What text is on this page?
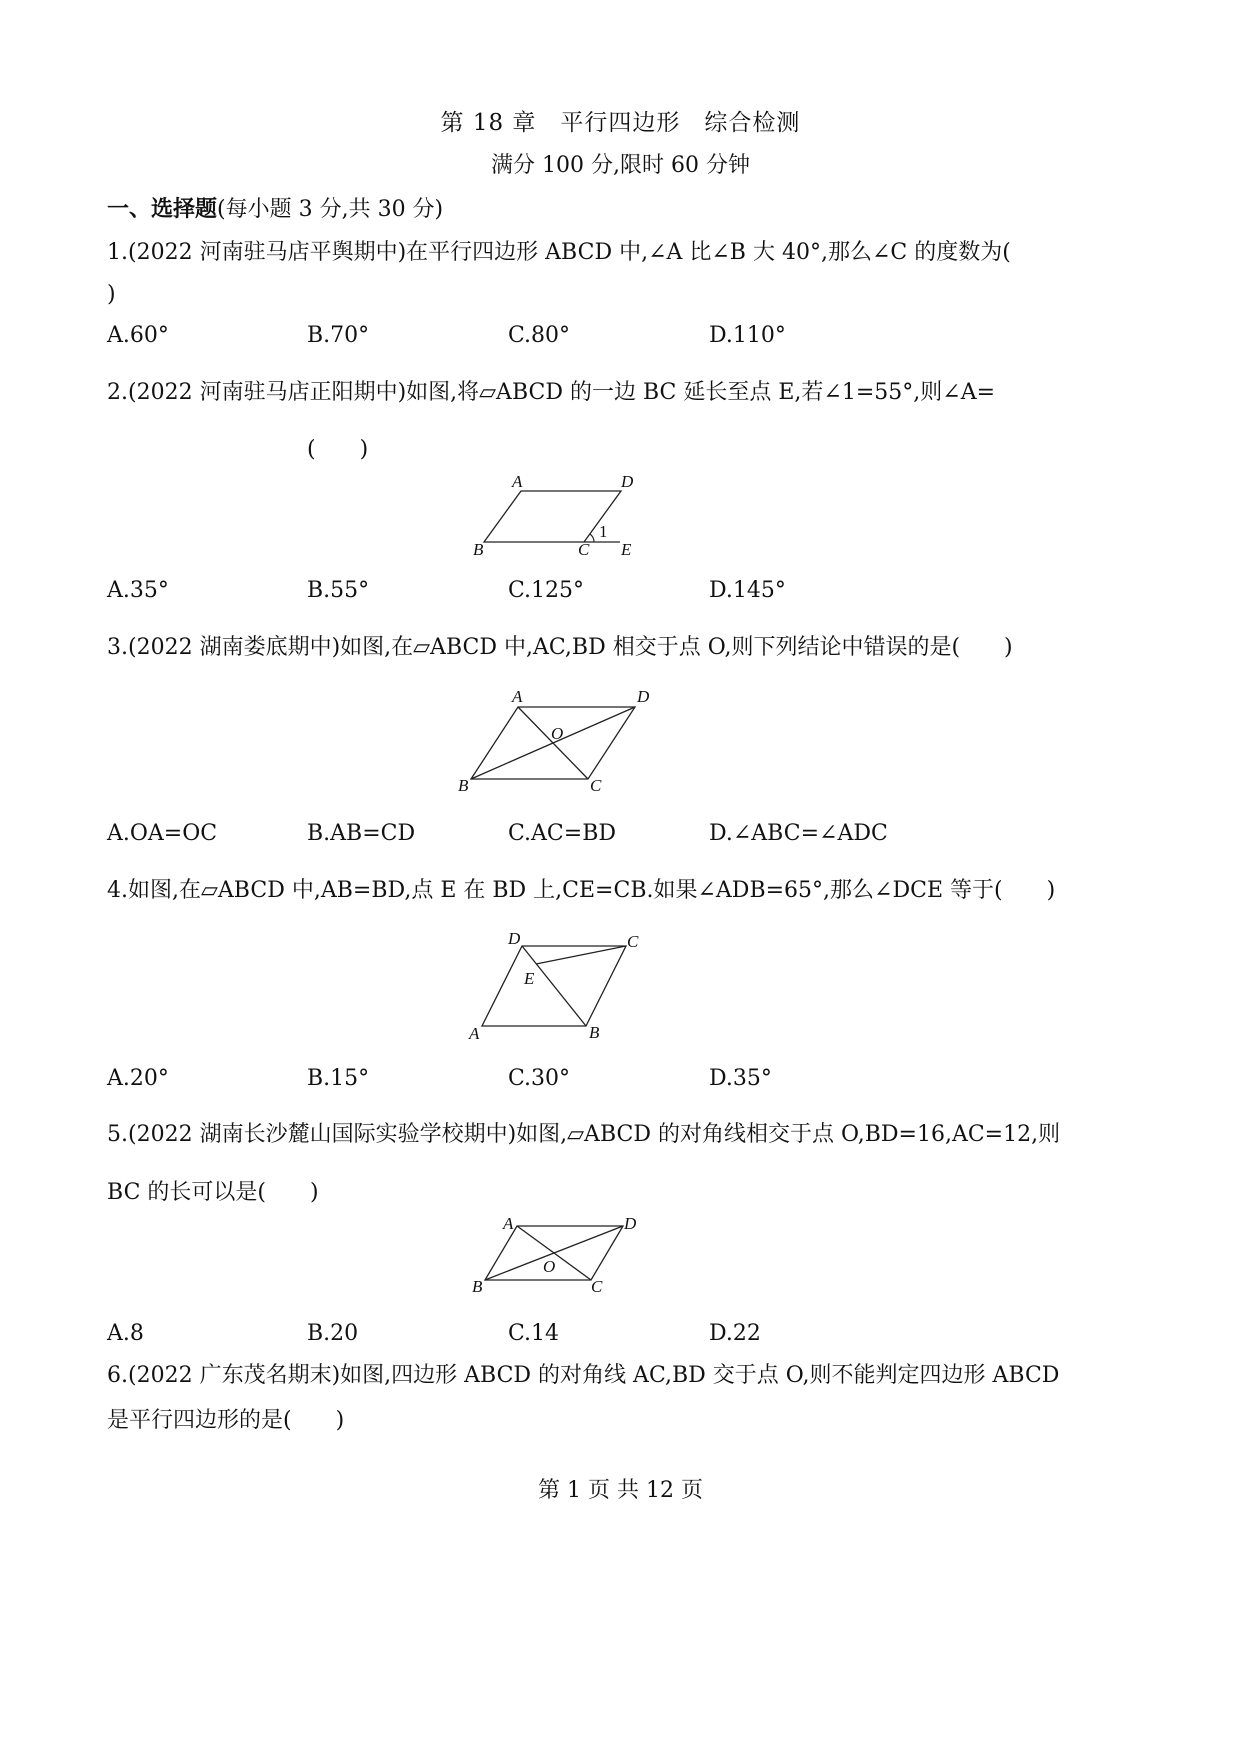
第 18 章　平行四边形　综合检测
满分 100 分,限时 60 分钟
一、选择题(每小题 3 分,共 30 分)
1.(2022 河南驻马店平舆期中)在平行四边形 ABCD 中,∠A 比∠B 大 40°,那么∠C 的度数为(
)
A.60°	B.70°	C.80°	D.110°
2.(2022 河南驻马店正阳期中)如图,将▱ABCD 的一边 BC 延长至点 E,若∠1=55°,则∠A=
(　　)
A	D
B	C E
1
A.35°	B.55°	C.125°	D.145°
3.(2022 湖南娄底期中)如图,在▱ABCD 中,AC,BD 相交于点 O,则下列结论中错误的是(　　)
A	D
O
B	C
A.OA=OC	B.AB=CD	C.AC=BD	D.∠ABC=∠ADC
4.如图,在▱ABCD 中,AB=BD,点 E 在 BD 上,CE=CB.如果∠ADB=65°,那么∠DCE 等于(　　)
D	C
E
A	B
A.20°	B.15°	C.30°	D.35°
5.(2022 湖南长沙麓山国际实验学校期中)如图,▱ABCD 的对角线相交于点 O,BD=16,AC=12,则
BC 的长可以是(　　)
A	D
O
B	C
A.8	B.20	C.14	D.22
6.(2022 广东茂名期末)如图,四边形 ABCD 的对角线 AC,BD 交于点 O,则不能判定四边形 ABCD
是平行四边形的是(　　)
第 1 页 共 12 页
